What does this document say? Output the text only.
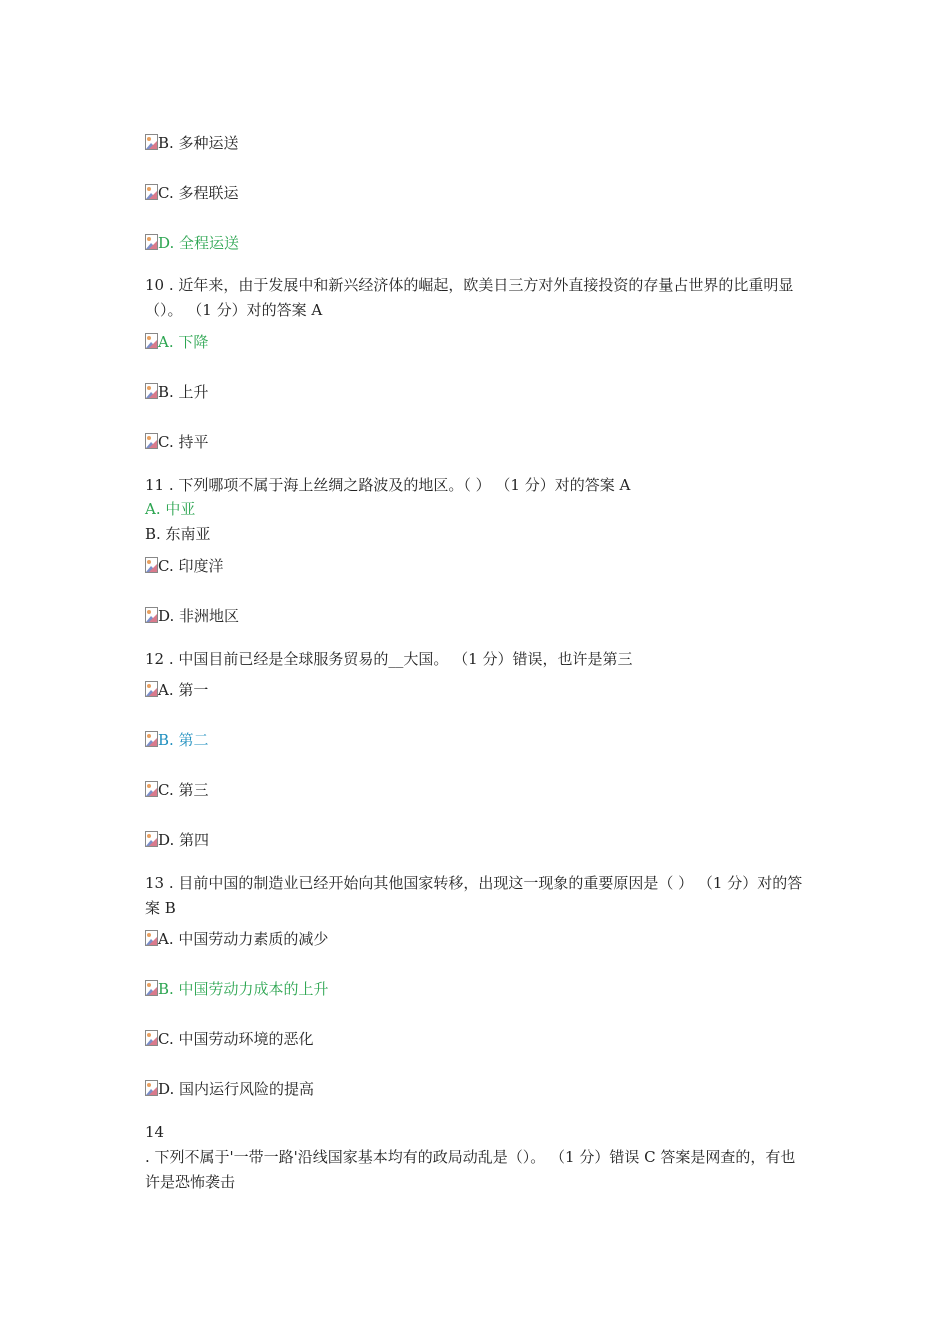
B. 多种运送
C. 多程联运
D. 全程运送
10 . 近年来，由于发展中和新兴经济体的崛起，欧美日三方对外直接投资的存量占世界的比重明显（）。 （1 分）对的答案 A
A. 下降
B. 上升
C. 持平
11 . 下列哪项不属于海上丝绸之路波及的地区。（ ） （1 分）对的答案 A
A. 中亚
B. 东南亚
C. 印度洋
D. 非洲地区
12 . 中国目前已经是全球服务贸易的__大国。 （1 分）错误，也许是第三
A. 第一
B. 第二
C. 第三
D. 第四
13 . 目前中国的制造业已经开始向其他国家转移，出现这一现象的重要原因是（ ） （1 分）对的答案 B
A. 中国劳动力素质的减少
B. 中国劳动力成本的上升
C. 中国劳动环境的恶化
D. 国内运行风险的提高
14
. 下列不属于'一带一路'沿线国家基本均有的政局动乱是（）。 （1 分）错误 C 答案是网查的，有也许是恐怖袭击
